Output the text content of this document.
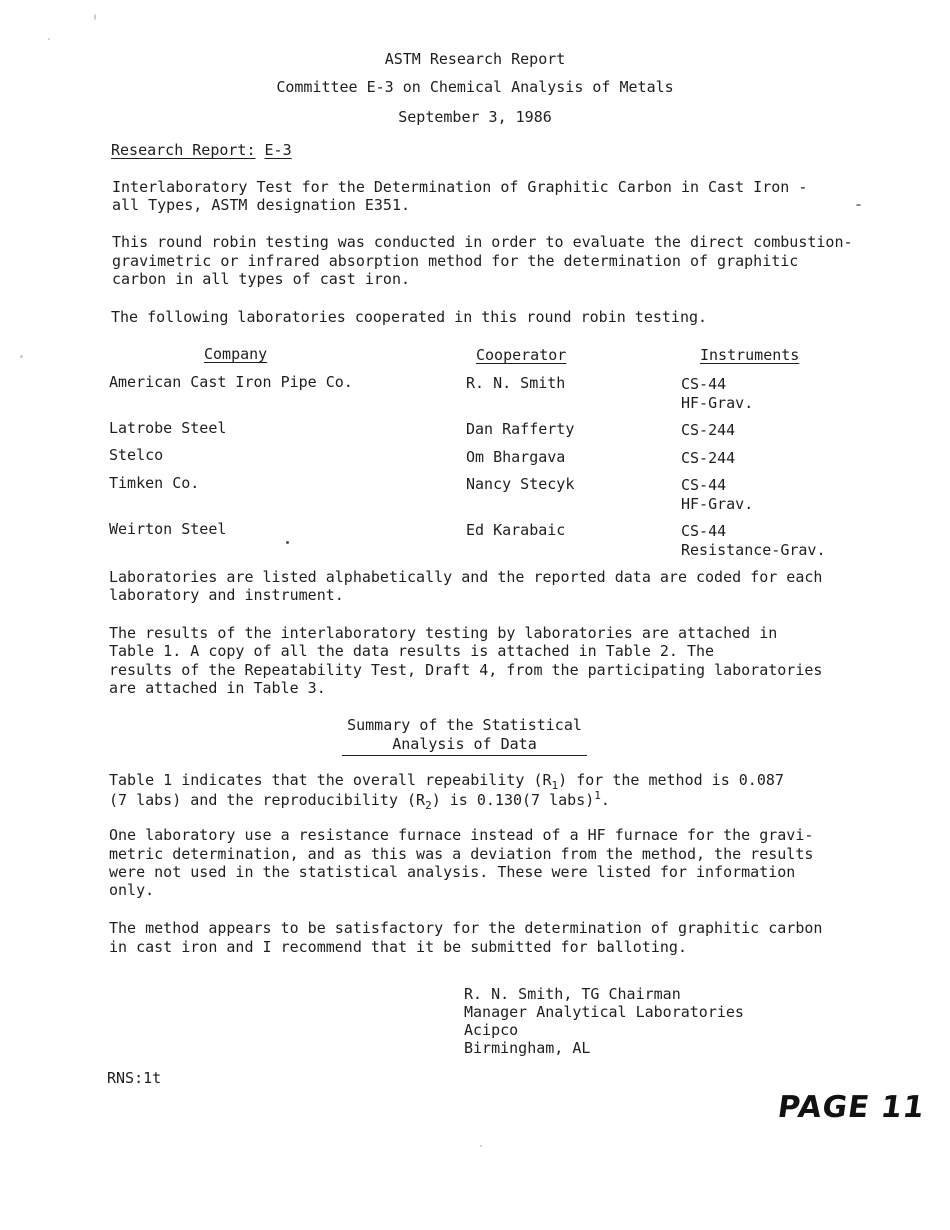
ASTM Research Report
Committee E-3 on Chemical Analysis of Metals
September 3, 1986
Research Report: E-3
Interlaboratory Test for the Determination of Graphitic Carbon in Cast Iron -
all Types, ASTM designation E351.
This round robin testing was conducted in order to evaluate the direct combustion-
gravimetric or infrared absorption method for the determination of graphitic
carbon in all types of cast iron.
The following laboratories cooperated in this round robin testing.
Company	Cooperator	Instruments
American Cast Iron Pipe Co.	R. N. Smith	CS-44
HF-Grav.
Latrobe Steel	Dan Rafferty	CS-244
Stelco	Om Bhargava	CS-244
Timken Co.	Nancy Stecyk	CS-44
HF-Grav.
Weirton Steel	Ed Karabaic	CS-44
Resistance-Grav.
Laboratories are listed alphabetically and the reported data are coded for each
laboratory and instrument.
The results of the interlaboratory testing by laboratories are attached in
Table 1. A copy of all the data results is attached in Table 2. The
results of the Repeatability Test, Draft 4, from the participating laboratories
are attached in Table 3.
Summary of the Statistical
Analysis of Data
Table 1 indicates that the overall repeability $(R_1)$ for the method is 0.087
(7 labs) and the reproducibility $(R_2)$ is 0.130(7 labs)$^1$.
One laboratory use a resistance furnace instead of a HF furnace for the gravi-
metric determination, and as this was a deviation from the method, the results
were not used in the statistical analysis. These were listed for information
only.
The method appears to be satisfactory for the determination of graphitic carbon
in cast iron and I recommend that it be submitted for balloting.
R. N. Smith, TG Chairman
Manager Analytical Laboratories
Acipco
Birmingham, AL
RNS:1t
PAGE 11
